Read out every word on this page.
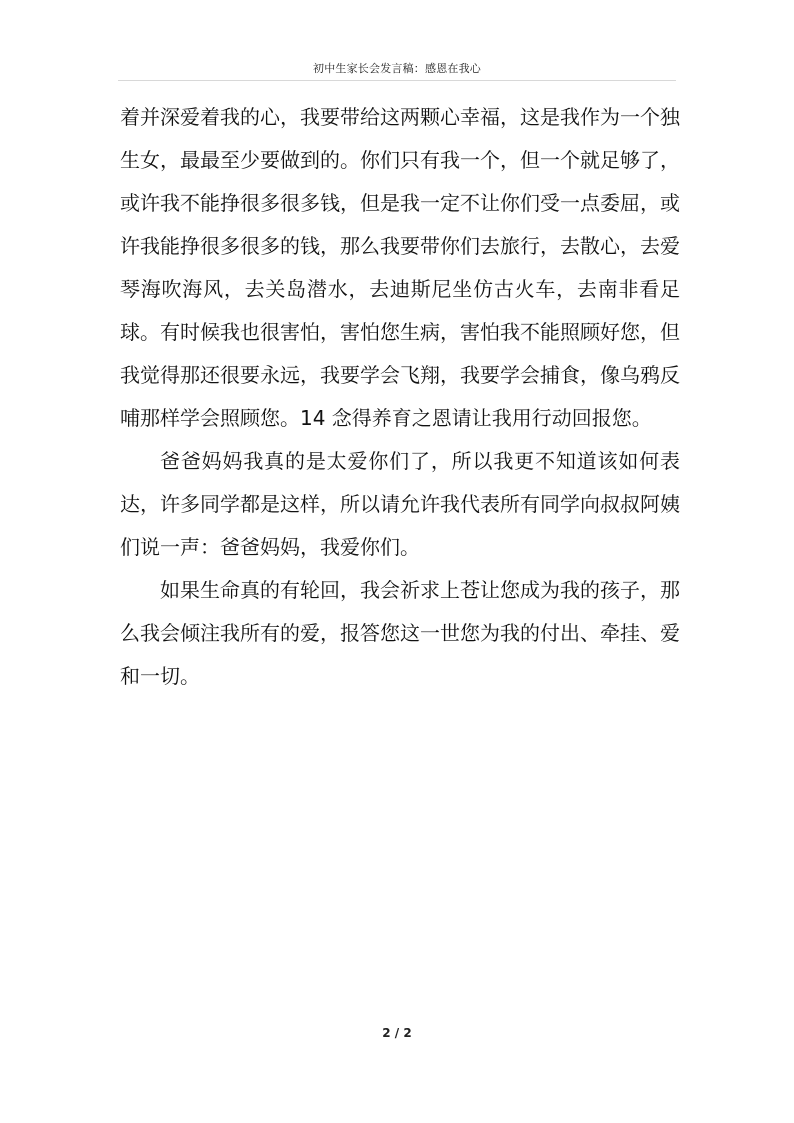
初中生家长会发言稿：感恩在我心

着并深爱着我的心，我要带给这两颗心幸福，这是我作为一个独生女，最最至少要做到的。你们只有我一个，但一个就足够了，或许我不能挣很多很多钱，但是我一定不让你们受一点委屈，或许我能挣很多很多的钱，那么我要带你们去旅行，去散心，去爱琴海吹海风，去关岛潜水，去迪斯尼坐仿古火车，去南非看足球。有时候我也很害怕，害怕您生病，害怕我不能照顾好您，但我觉得那还很要永远，我要学会飞翔，我要学会捕食，像乌鸦反哺那样学会照顾您。14 念得养育之恩请让我用行动回报您。

爸爸妈妈我真的是太爱你们了，所以我更不知道该如何表达，许多同学都是这样，所以请允许我代表所有同学向叔叔阿姨们说一声：爸爸妈妈，我爱你们。

如果生命真的有轮回，我会祈求上苍让您成为我的孩子，那么我会倾注我所有的爱，报答您这一世您为我的付出、牵挂、爱和一切。

2 / 2
